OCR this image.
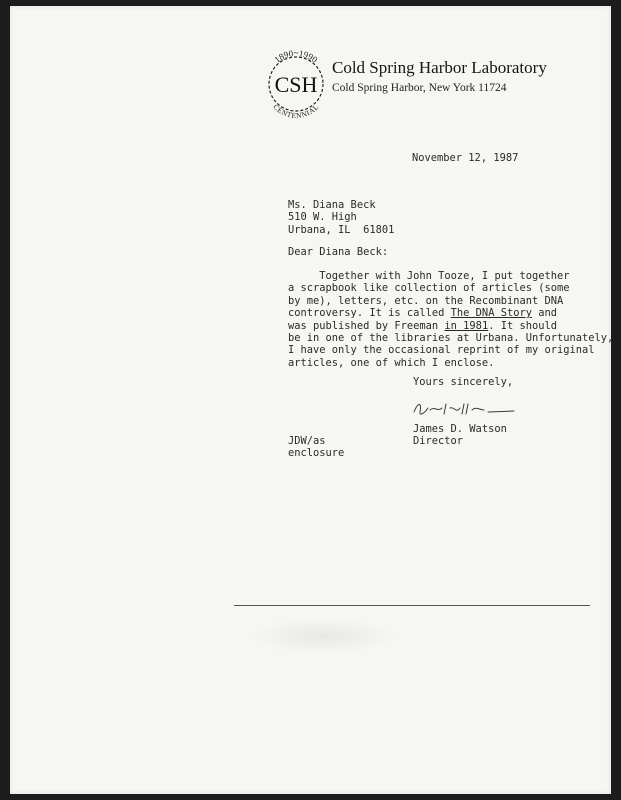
1890~1990
CSH
CENTENNIAL
Cold Spring Harbor Laboratory
Cold Spring Harbor, New York 11724
November 12, 1987
Ms. Diana Beck
510 W. High
Urbana, IL  61801
Dear Diana Beck:
Together with John Tooze, I put together
a scrapbook like collection of articles (some
by me), letters, etc. on the Recombinant DNA
controversy. It is called The DNA Story and
was published by Freeman in 1981. It should
be in one of the libraries at Urbana. Unfortunately,
I have only the occasional reprint of my original
articles, one of which I enclose.
Yours sincerely,
James D. Watson
Director
JDW/as
enclosure
